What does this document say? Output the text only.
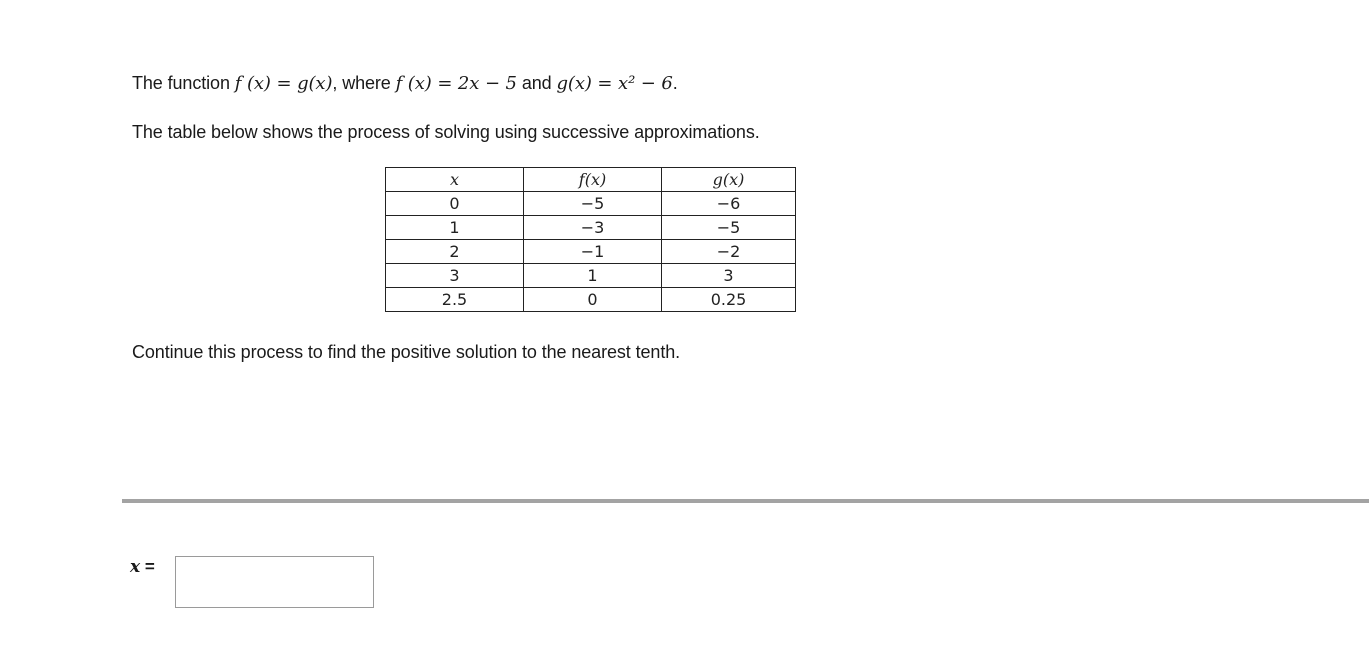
The function f (x) = g(x), where f (x) = 2x − 5 and g(x) = x² − 6.
The table below shows the process of solving using successive approximations.
Continue this process to find the positive solution to the nearest tenth.
x	f(x)	g(x)
0	−5	−6
1	−3	−5
2	−1	−2
3	1	3
2.5	0	0.25
x =
